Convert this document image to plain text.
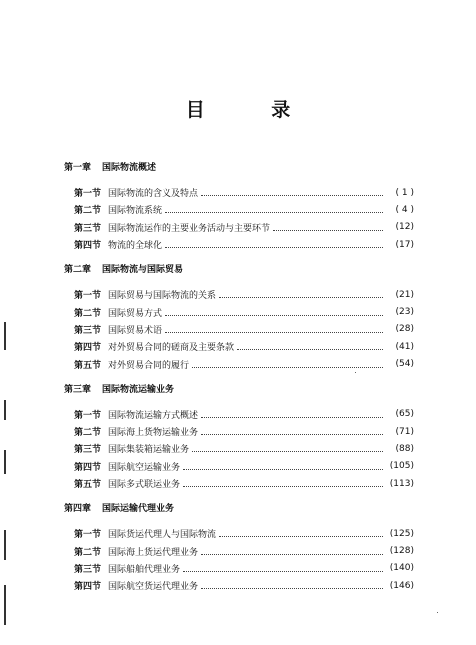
目 录
第一章 国际物流概述
第一节 国际物流的含义及特点	( 1 )
第二节 国际物流系统	( 4 )
第三节 国际物流运作的主要业务活动与主要环节	(12)
第四节 物流的全球化	(17)
第二章 国际物流与国际贸易
第一节 国际贸易与国际物流的关系	(21)
第二节 国际贸易方式	(23)
第三节 国际贸易术语	(28)
第四节 对外贸易合同的磋商及主要条款	(41)
第五节 对外贸易合同的履行	(54)
第三章 国际物流运输业务
第一节 国际物流运输方式概述	(65)
第二节 国际海上货物运输业务	(71)
第三节 国际集装箱运输业务	(88)
第四节 国际航空运输业务	(105)
第五节 国际多式联运业务	(113)
第四章 国际运输代理业务
第一节 国际货运代理人与国际物流	(125)
第二节 国际海上货运代理业务	(128)
第三节 国际船舶代理业务	(140)
第四节 国际航空货运代理业务	(146)
